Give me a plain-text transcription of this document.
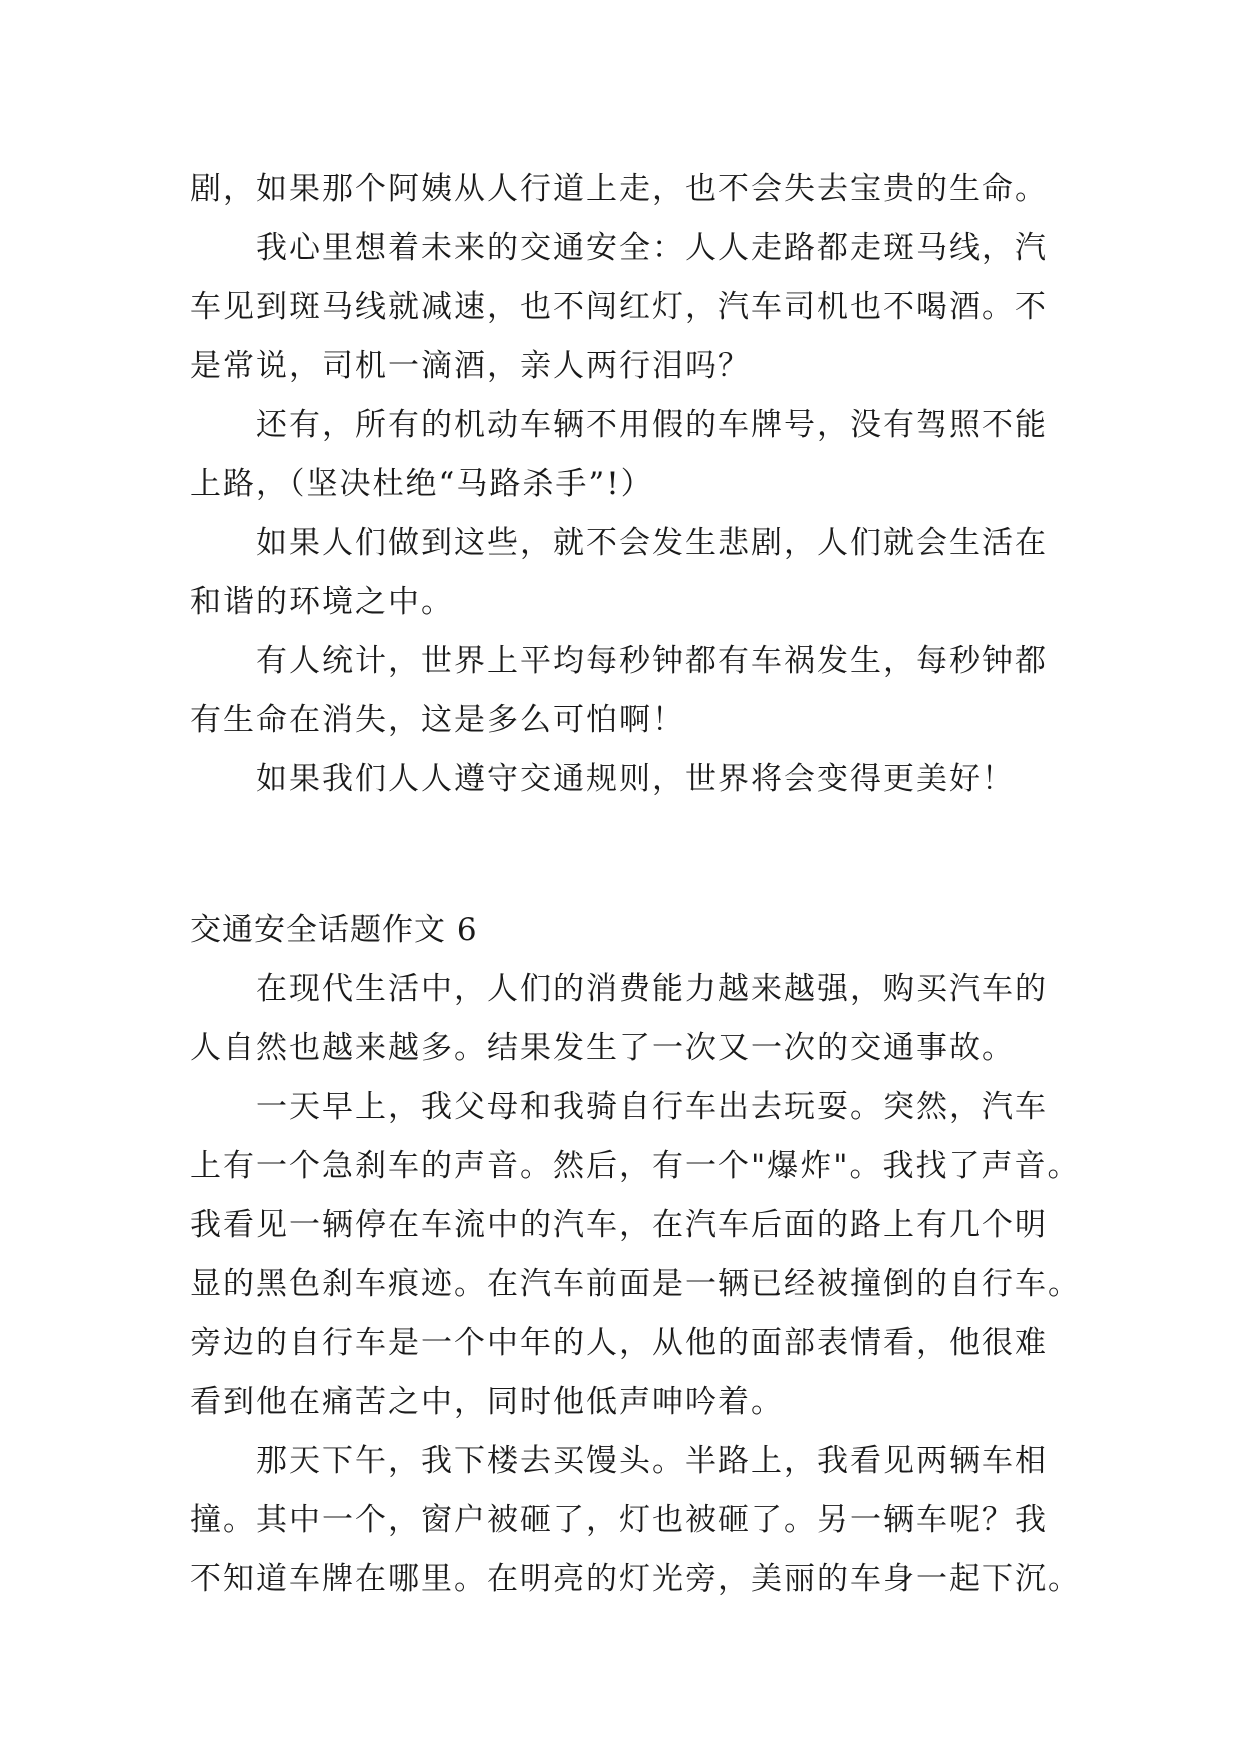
剧，如果那个阿姨从人行道上走，也不会失去宝贵的生命。
我心里想着未来的交通安全：人人走路都走斑马线，汽
车见到斑马线就减速，也不闯红灯，汽车司机也不喝酒。不
是常说，司机一滴酒，亲人两行泪吗？
还有，所有的机动车辆不用假的车牌号，没有驾照不能
上路，（坚决杜绝“马路杀手”!）
如果人们做到这些，就不会发生悲剧，人们就会生活在
和谐的环境之中。
有人统计，世界上平均每秒钟都有车祸发生，每秒钟都
有生命在消失，这是多么可怕啊！
如果我们人人遵守交通规则，世界将会变得更美好！
交通安全话题作文 6
在现代生活中，人们的消费能力越来越强，购买汽车的
人自然也越来越多。结果发生了一次又一次的交通事故。
一天早上，我父母和我骑自行车出去玩耍。突然，汽车
上有一个急刹车的声音。然后，有一个"爆炸"。我找了声音。
我看见一辆停在车流中的汽车，在汽车后面的路上有几个明
显的黑色刹车痕迹。在汽车前面是一辆已经被撞倒的自行车。
旁边的自行车是一个中年的人，从他的面部表情看，他很难
看到他在痛苦之中，同时他低声呻吟着。
那天下午，我下楼去买馒头。半路上，我看见两辆车相
撞。其中一个，窗户被砸了，灯也被砸了。另一辆车呢？我
不知道车牌在哪里。在明亮的灯光旁，美丽的车身一起下沉。
